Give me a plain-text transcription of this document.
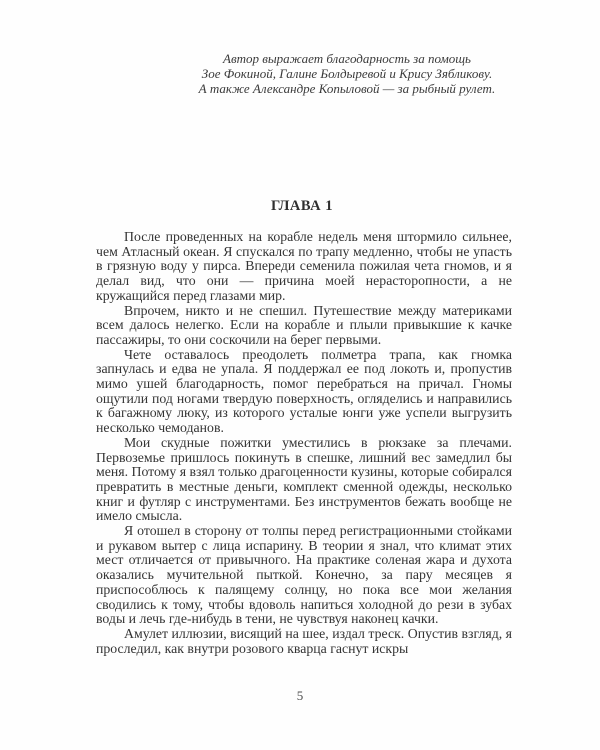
Автор выражает благодарность за помощь
Зое Фокиной, Галине Болдыревой и Крису Зябликову.
А также Александре Копыловой — за рыбный рулет.
ГЛАВА 1

После проведенных на корабле недель меня штормило сильнее, чем Атласный океан. Я спускался по трапу медленно, чтобы не упасть в грязную воду у пирса. Впереди семенила пожилая чета гномов, и я делал вид, что они — причина моей нерасторопности, а не кружащийся перед глазами мир.

Впрочем, никто и не спешил. Путешествие между материками всем далось нелегко. Если на корабле и плыли привыкшие к качке пассажиры, то они соскочили на берег первыми.

Чете оставалось преодолеть полметра трапа, как гномка запнулась и едва не упала. Я поддержал ее под локоть и, пропустив мимо ушей благодарность, помог перебраться на причал. Гномы ощутили под ногами твердую поверхность, огляделись и направились к багажному люку, из которого усталые юнги уже успели выгрузить несколько чемоданов.

Мои скудные пожитки уместились в рюкзаке за плечами. Первоземье пришлось покинуть в спешке, лишний вес замедлил бы меня. Потому я взял только драгоценности кузины, которые собирался превратить в местные деньги, комплект сменной одежды, несколько книг и футляр с инструментами. Без инструментов бежать вообще не имело смысла.

Я отошел в сторону от толпы перед регистрационными стойками и рукавом вытер с лица испарину. В теории я знал, что климат этих мест отличается от привычного. На практике соленая жара и духота оказались мучительной пыткой. Конечно, за пару месяцев я приспособлюсь к палящему солнцу, но пока все мои желания сводились к тому, чтобы вдоволь напиться холодной до рези в зубах воды и лечь где-нибудь в тени, не чувствуя наконец качки.

Амулет иллюзии, висящий на шее, издал треск. Опустив взгляд, я проследил, как внутри розового кварца гаснут искры

5
